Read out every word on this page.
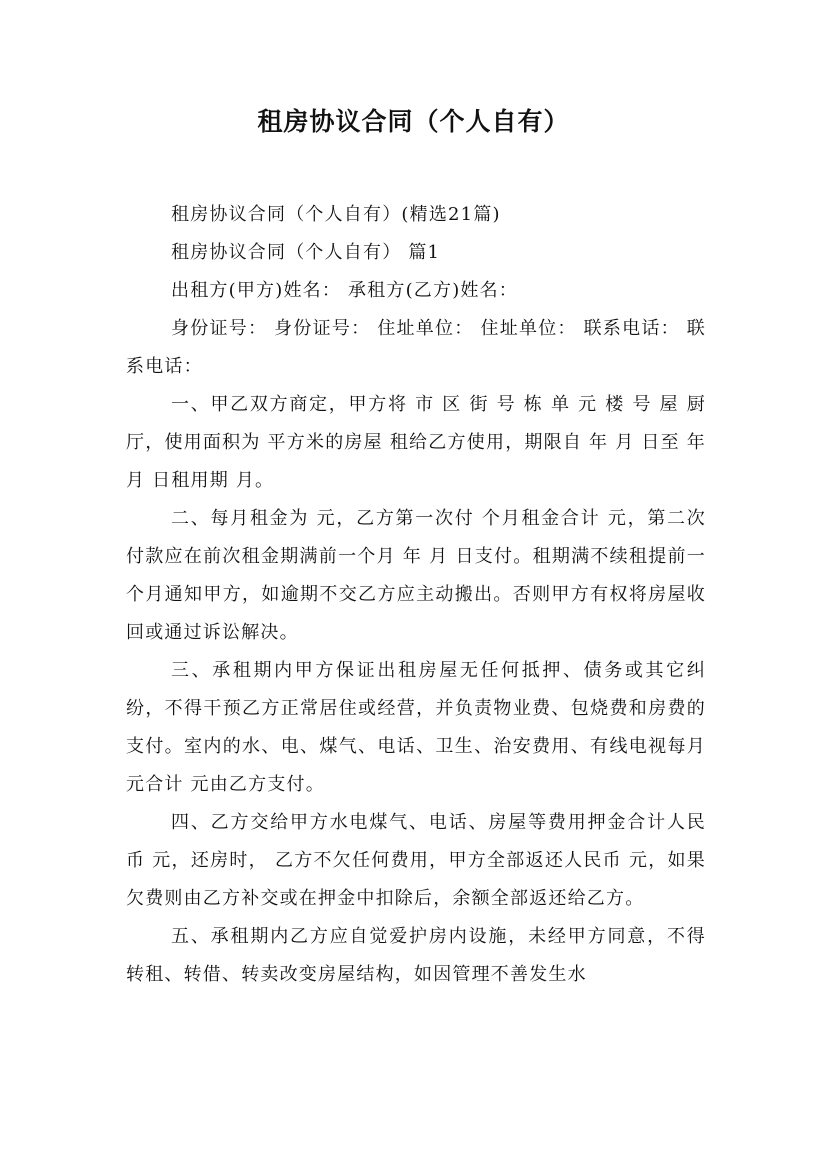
租房协议合同（个人自有）

租房协议合同（个人自有）(精选21篇)

租房协议合同（个人自有） 篇1

出租方(甲方)姓名： 承租方(乙方)姓名：

身份证号： 身份证号： 住址单位： 住址单位： 联系电话： 联系电话：

一、甲乙双方商定，甲方将 市 区 街 号 栋 单 元 楼 号 屋 厨 厅，使用面积为 平方米的房屋 租给乙方使用，期限自 年 月 日至 年 月 日租用期 月。

二、每月租金为 元，乙方第一次付 个月租金合计 元，第二次付款应在前次租金期满前一个月 年 月 日支付。租期满不续租提前一个月通知甲方，如逾期不交乙方应主动搬出。否则甲方有权将房屋收 回或通过诉讼解决。

三、承租期内甲方保证出租房屋无任何抵押、债务或其它纠纷，不得干预乙方正常居住或经营，并负责物业费、包烧费和房费的支付。室内的水、电、煤气、电话、卫生、治安费用、有线电视每月 元合计 元由乙方支付。

四、乙方交给甲方水电煤气、电话、房屋等费用押金合计人民币 元，还房时， 乙方不欠任何费用，甲方全部返还人民币 元，如果欠费则由乙方补交或在押金中扣除后，余额全部返还给乙方。

五、承租期内乙方应自觉爱护房内设施，未经甲方同意，不得转租、转借、转卖改变房屋结构，如因管理不善发生水
